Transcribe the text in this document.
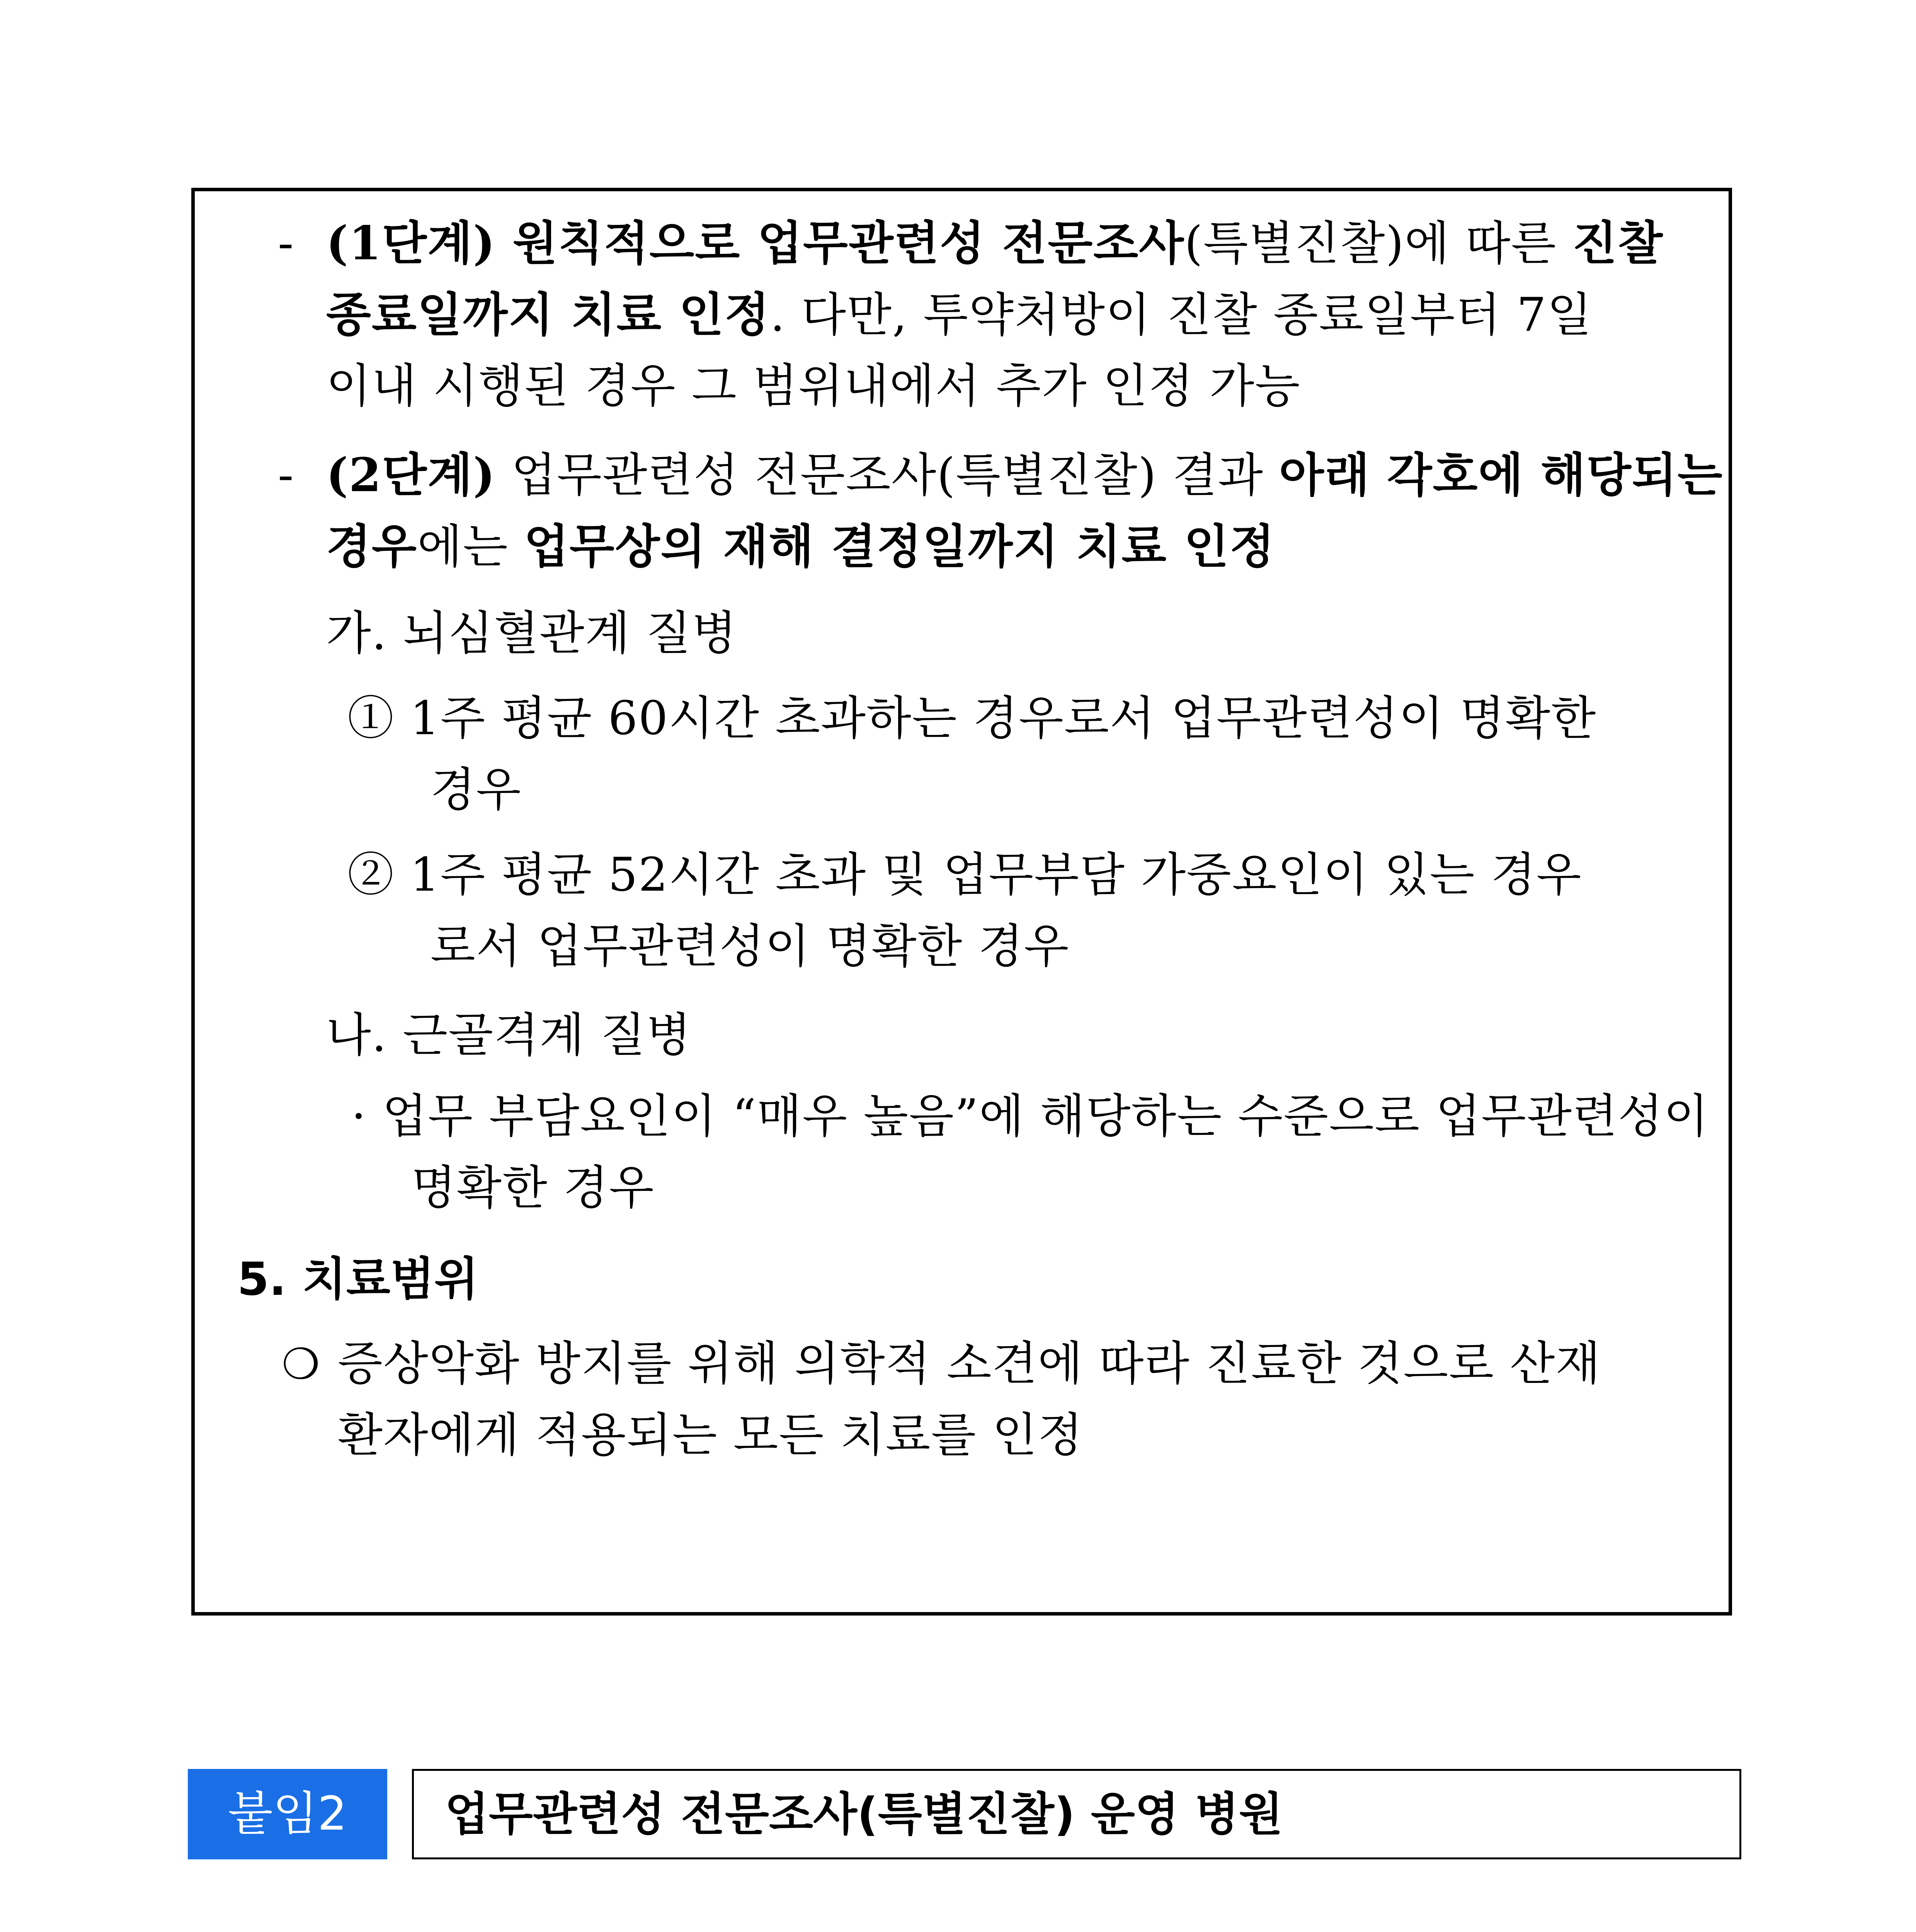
- (1단계) 원칙적으로 업무관련성 전문조사(특별진찰)에 따른 진찰
종료일까지 치료 인정. 다만, 투약처방이 진찰 종료일부터 7일
이내 시행된 경우 그 범위내에서 추가 인정 가능
- (2단계) 업무관련성 전문조사(특별진찰) 결과 아래 각호에 해당되는
경우에는 업무상의 재해 결정일까지 치료 인정
가. 뇌심혈관계 질병
① 1주 평균 60시간 초과하는 경우로서 업무관련성이 명확한
경우
② 1주 평균 52시간 초과 및 업무부담 가중요인이 있는 경우
로서 업무관련성이 명확한 경우
나. 근골격계 질병
· 업무 부담요인이 “매우 높음”에 해당하는 수준으로 업무관련성이
명확한 경우
5. 치료범위
❍ 증상악화 방지를 위해 의학적 소견에 따라 진료한 것으로 산재
환자에게 적용되는 모든 치료를 인정
붙임2	업무관련성 전문조사(특별진찰) 운영 병원
